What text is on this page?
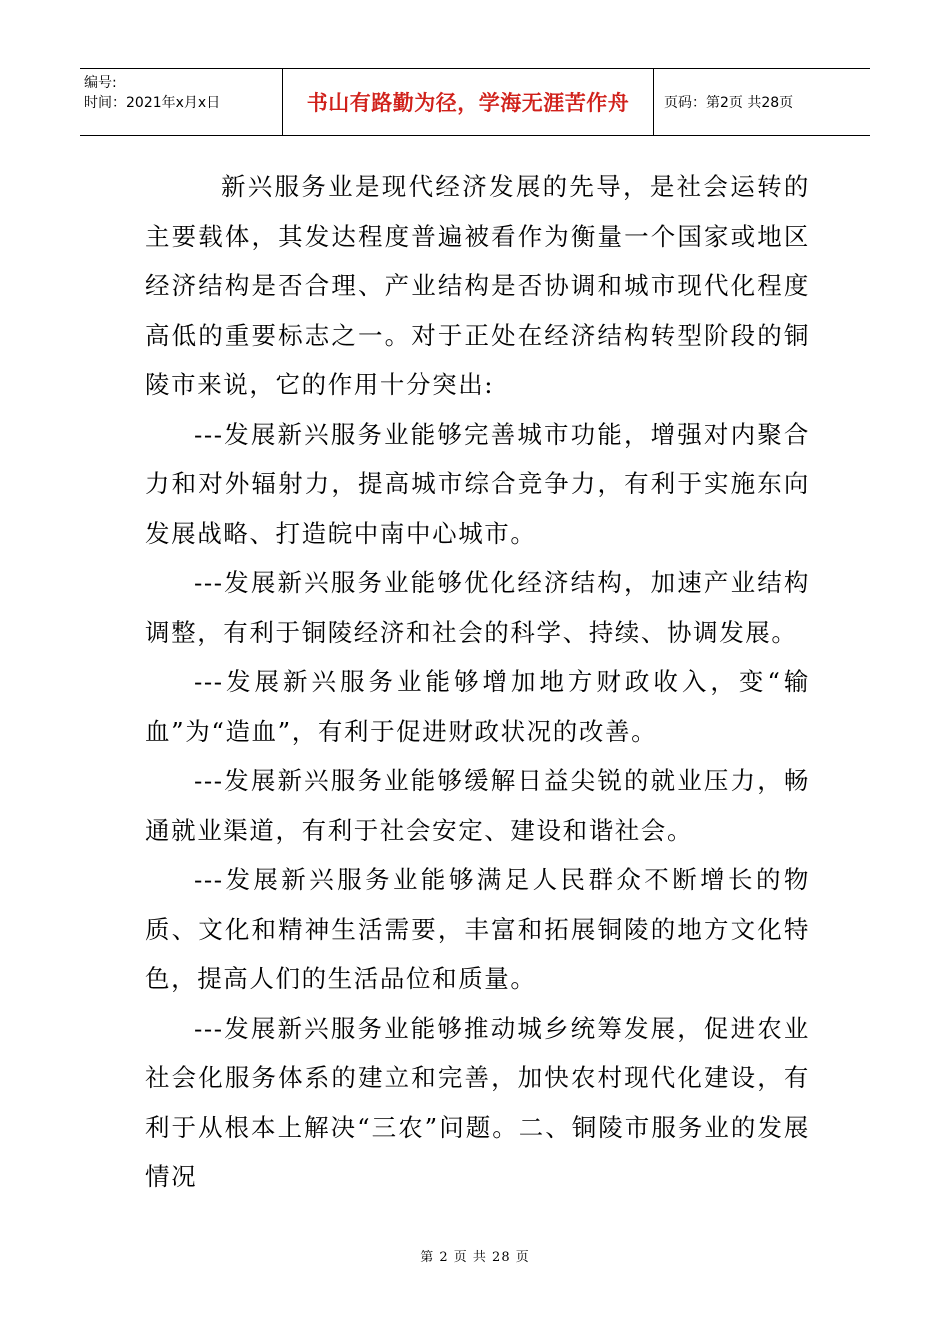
编号:
时间：2021年x月x日	书山有路勤为径，学海无涯苦作舟	页码：第2页 共28页

新兴服务业是现代经济发展的先导，是社会运转的主要载体，其发达程度普遍被看作为衡量一个国家或地区经济结构是否合理、产业结构是否协调和城市现代化程度高低的重要标志之一。对于正处在经济结构转型阶段的铜陵市来说，它的作用十分突出:

---发展新兴服务业能够完善城市功能，增强对内聚合力和对外辐射力，提高城市综合竞争力，有利于实施东向发展战略、打造皖中南中心城市。

---发展新兴服务业能够优化经济结构，加速产业结构调整，有利于铜陵经济和社会的科学、持续、协调发展。

---发展新兴服务业能够增加地方财政收入，变“输血”为“造血”，有利于促进财政状况的改善。

---发展新兴服务业能够缓解日益尖锐的就业压力，畅通就业渠道，有利于社会安定、建设和谐社会。

---发展新兴服务业能够满足人民群众不断增长的物质、文化和精神生活需要，丰富和拓展铜陵的地方文化特色，提高人们的生活品位和质量。

---发展新兴服务业能够推动城乡统筹发展，促进农业社会化服务体系的建立和完善，加快农村现代化建设，有利于从根本上解决“三农”问题。二、铜陵市服务业的发展情况

第 2 页 共 28 页
